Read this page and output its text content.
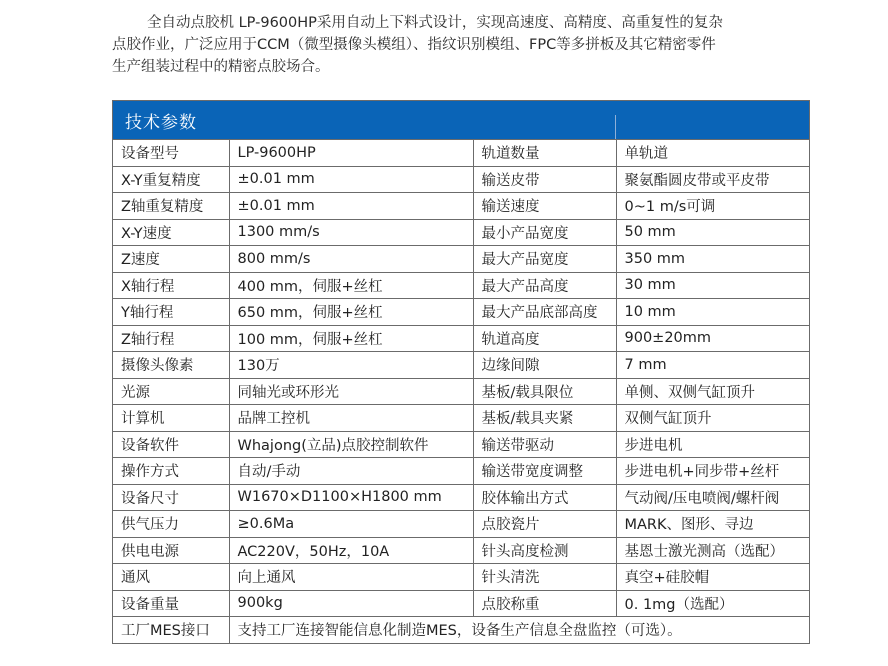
全自动点胶机 LP-9600HP采用自动上下料式设计，实现高速度、高精度、高重复性的复杂

点胶作业，广泛应用于CCM（微型摄像头模组）、指纹识别模组、FPC等多拼板及其它精密零件

生产组装过程中的精密点胶场合。

技术参数
设备型号	LP-9600HP	轨道数量	单轨道
X-Y重复精度	±0.01 mm	输送皮带	聚氨酯圆皮带或平皮带
Z轴重复精度	±0.01 mm	输送速度	0~1 m/s可调
X-Y速度	1300 mm/s	最小产品宽度	50 mm
Z速度	800 mm/s	最大产品宽度	350 mm
X轴行程	400 mm，伺服+丝杠	最大产品高度	30 mm
Y轴行程	650 mm，伺服+丝杠	最大产品底部高度	10 mm
Z轴行程	100 mm，伺服+丝杠	轨道高度	900±20mm
摄像头像素	130万	边缘间隙	7 mm
光源	同轴光或环形光	基板/载具限位	单侧、双侧气缸顶升
计算机	品牌工控机	基板/载具夹紧	双侧气缸顶升
设备软件	Whajong(立品)点胶控制软件	输送带驱动	步进电机
操作方式	自动/手动	输送带宽度调整	步进电机+同步带+丝杆
设备尺寸	W1670×D1100×H1800 mm	胶体输出方式	气动阀/压电喷阀/螺杆阀
供气压力	≥0.6Ma	点胶瓷片	MARK、图形、寻边
供电电源	AC220V，50Hz，10A	针头高度检测	基恩士激光测高（选配）
通风	向上通风	针头清洗	真空+硅胶帽
设备重量	900kg	点胶称重	0. 1mg（选配）
工厂MES接口	支持工厂连接智能信息化制造MES，设备生产信息全盘监控（可选）。		
